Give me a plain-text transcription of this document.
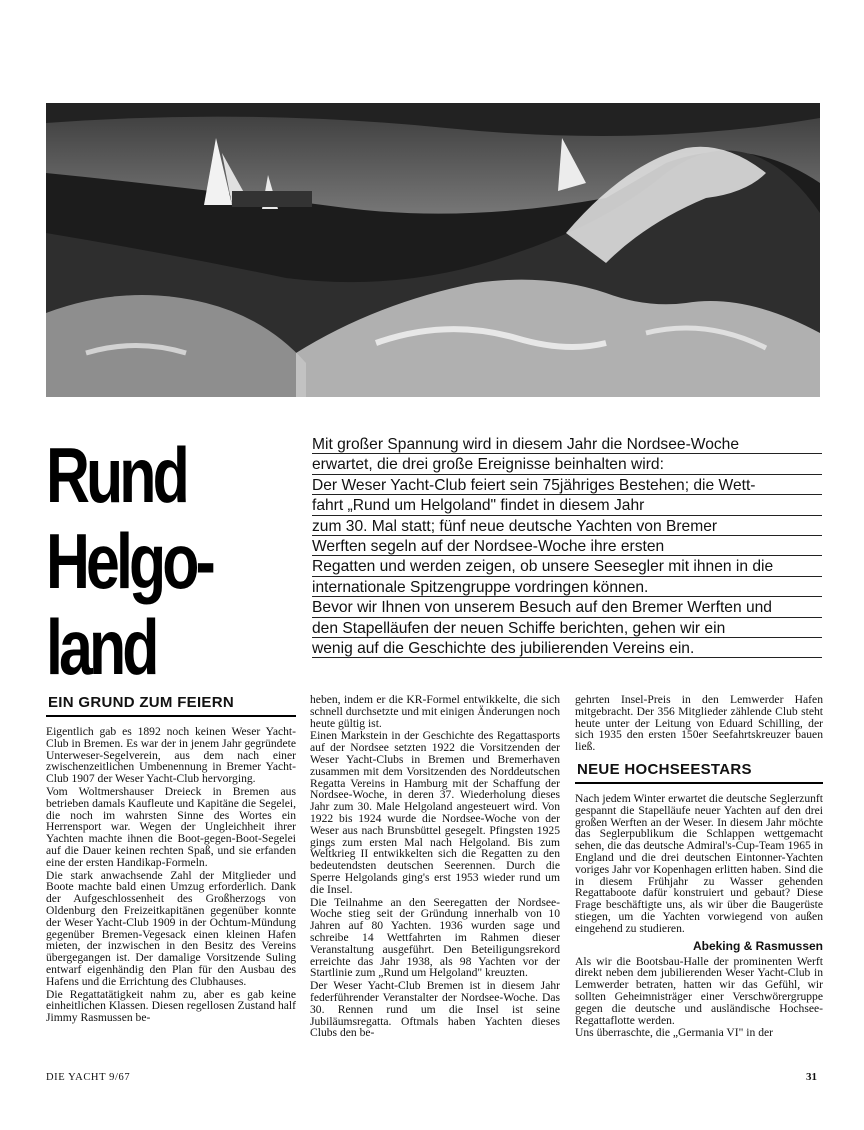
Rund
Helgo-
land
Mit großer Spannung wird in diesem Jahr die Nordsee-Woche
erwartet, die drei große Ereignisse beinhalten wird:
Der Weser Yacht-Club feiert sein 75jähriges Bestehen; die Wett-
fahrt „Rund um Helgoland" findet in diesem Jahr
zum 30. Mal statt; fünf neue deutsche Yachten von Bremer
Werften segeln auf der Nordsee-Woche ihre ersten
Regatten und werden zeigen, ob unsere Seesegler mit ihnen in die
internationale Spitzengruppe vordringen können.
Bevor wir Ihnen von unserem Besuch auf den Bremer Werften und
den Stapelläufen der neuen Schiffe berichten, gehen wir ein
wenig auf die Geschichte des jubilierenden Vereins ein.
EIN GRUND ZUM FEIERN

Eigentlich gab es 1892 noch keinen Weser Yacht-Club in Bremen. Es war der in jenem Jahr gegründete Unterweser-Segelverein, aus dem nach einer zwischenzeitlichen Umbenennung in Bremer Yacht-Club 1907 der Weser Yacht-Club hervorging.

Vom Woltmershauser Dreieck in Bremen aus betrieben damals Kaufleute und Kapitäne die Segelei, die noch im wahrsten Sinne des Wortes ein Herrensport war. Wegen der Ungleichheit ihrer Yachten machte ihnen die Boot-gegen-Boot-Segelei auf die Dauer keinen rechten Spaß, und sie erfanden eine der ersten Handikap-Formeln.

Die stark anwachsende Zahl der Mitglieder und Boote machte bald einen Umzug erforderlich. Dank der Aufgeschlossenheit des Großherzogs von Oldenburg den Freizeitkapitänen gegenüber konnte der Weser Yacht-Club 1909 in der Ochtum-Mündung gegenüber Bremen-Vegesack einen kleinen Hafen mieten, der inzwischen in den Besitz des Vereins übergegangen ist. Der damalige Vorsitzende Suling entwarf eigenhändig den Plan für den Ausbau des Hafens und die Errichtung des Clubhauses.

Die Regattatätigkeit nahm zu, aber es gab keine einheitlichen Klassen. Diesen regellosen Zustand half Jimmy Rasmussen be-

heben, indem er die KR-Formel entwikkelte, die sich schnell durchsetzte und mit einigen Änderungen noch heute gültig ist.

Einen Markstein in der Geschichte des Regattasports auf der Nordsee setzten 1922 die Vorsitzenden der Weser Yacht-Clubs in Bremen und Bremerhaven zusammen mit dem Vorsitzenden des Norddeutschen Regatta Vereins in Hamburg mit der Schaffung der Nordsee-Woche, in deren 37. Wiederholung dieses Jahr zum 30. Male Helgoland angesteuert wird. Von 1922 bis 1924 wurde die Nordsee-Woche von der Weser aus nach Brunsbüttel gesegelt. Pfingsten 1925 gings zum ersten Mal nach Helgoland. Bis zum Weltkrieg II entwikkelten sich die Regatten zu den bedeutendsten deutschen Seerennen. Durch die Sperre Helgolands ging's erst 1953 wieder rund um die Insel.

Die Teilnahme an den Seeregatten der Nordsee-Woche stieg seit der Gründung innerhalb von 10 Jahren auf 80 Yachten. 1936 wurden sage und schreibe 14 Wettfahrten im Rahmen dieser Veranstaltung ausgeführt. Den Beteiligungsrekord erreichte das Jahr 1938, als 98 Yachten vor der Startlinie zum „Rund um Helgoland" kreuzten.

Der Weser Yacht-Club Bremen ist in diesem Jahr federführender Veranstalter der Nordsee-Woche. Das 30. Rennen rund um die Insel ist seine Jubiläumsregatta. Oftmals haben Yachten dieses Clubs den be-

gehrten Insel-Preis in den Lemwerder Hafen mitgebracht. Der 356 Mitglieder zählende Club steht heute unter der Leitung von Eduard Schilling, der sich 1935 den ersten 150er Seefahrtskreuzer bauen ließ.

NEUE HOCHSEESTARS

Nach jedem Winter erwartet die deutsche Seglerzunft gespannt die Stapelläufe neuer Yachten auf den drei großen Werften an der Weser. In diesem Jahr möchte das Seglerpublikum die Schlappen wettgemacht sehen, die das deutsche Admiral's-Cup-Team 1965 in England und die drei deutschen Eintonner-Yachten voriges Jahr vor Kopenhagen erlitten haben. Sind die in diesem Frühjahr zu Wasser gehenden Regattaboote dafür konstruiert und gebaut? Diese Frage beschäftigte uns, als wir über die Baugerüste stiegen, um die Yachten vorwiegend von außen eingehend zu studieren.

Abeking & Rasmussen

Als wir die Bootsbau-Halle der prominenten Werft direkt neben dem jubilierenden Weser Yacht-Club in Lemwerder betraten, hatten wir das Gefühl, wir sollten Geheimnisträger einer Verschwörergruppe gegen die deutsche und ausländische Hochsee-Regattaflotte werden.

Uns überraschte, die „Germania VI" in der

DIE YACHT 9/67	31
